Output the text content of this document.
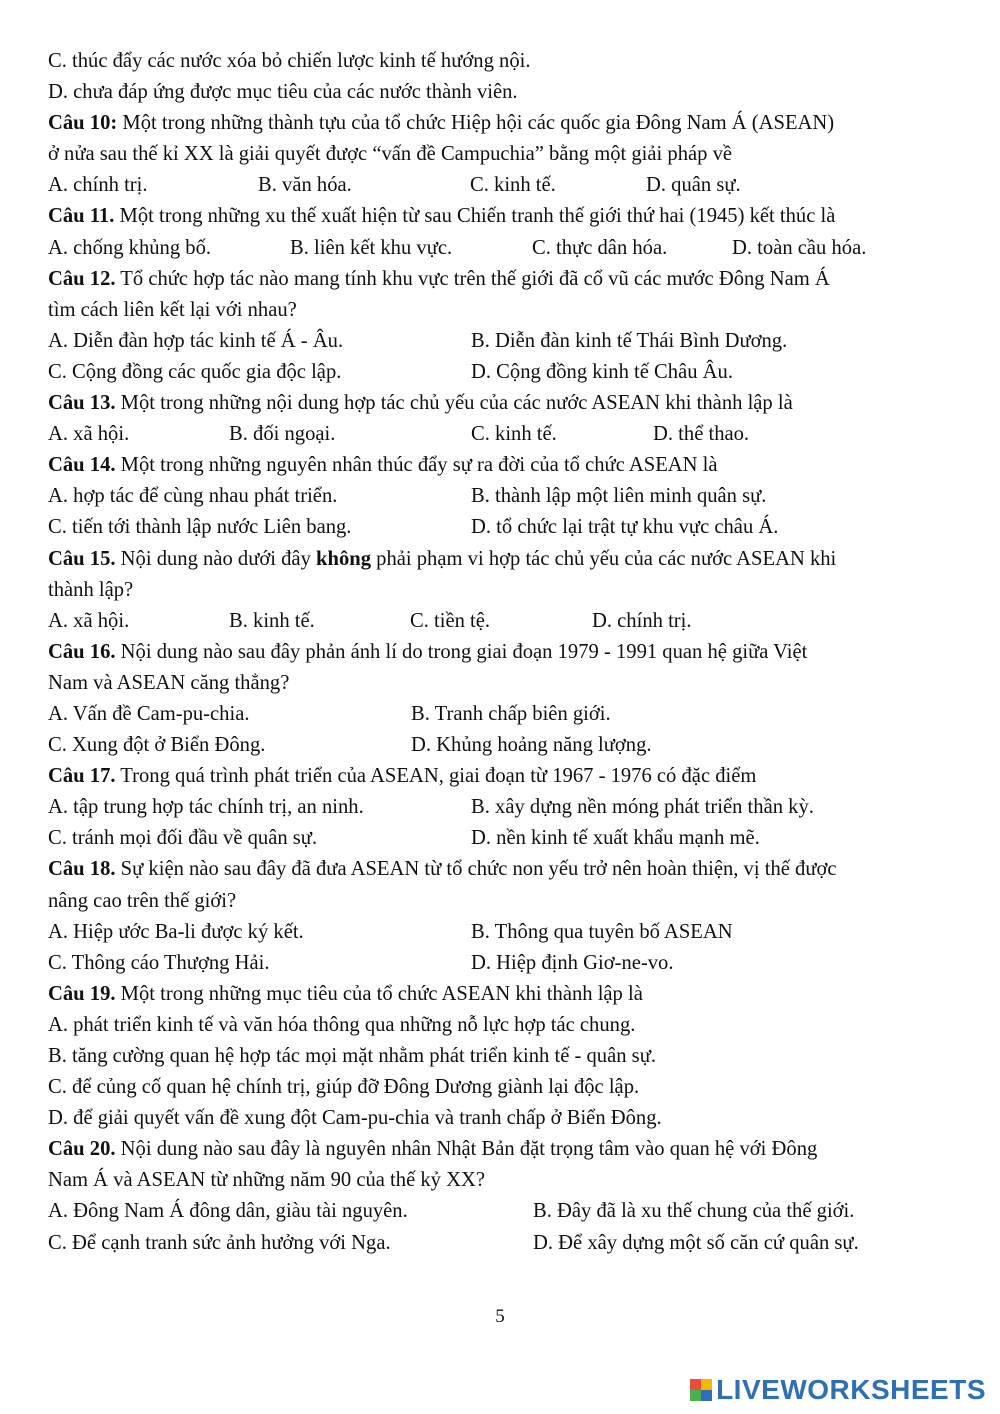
C. thúc đẩy các nước xóa bỏ chiến lược kinh tế hướng nội.
D. chưa đáp ứng được mục tiêu của các nước thành viên.
Câu 10: Một trong những thành tựu của tổ chức Hiệp hội các quốc gia Đông Nam Á (ASEAN)
ở nửa sau thế kỉ XX là giải quyết được “vấn đề Campuchia” bằng một giải pháp về
A. chính trị.	B. văn hóa.	C. kinh tế.	D. quân sự.
Câu 11. Một trong những xu thế xuất hiện từ sau Chiến tranh thế giới thứ hai (1945) kết thúc là
A. chống khủng bố.	B. liên kết khu vực.	C. thực dân hóa.	D. toàn cầu hóa.
Câu 12. Tổ chức hợp tác nào mang tính khu vực trên thế giới đã cổ vũ các mước Đông Nam Á
tìm cách liên kết lại với nhau?
A. Diễn đàn hợp tác kinh tế Á - Âu.	B. Diễn đàn kinh tế Thái Bình Dương.
C. Cộng đồng các quốc gia độc lập.	D. Cộng đồng kinh tế Châu Âu.
Câu 13. Một trong những nội dung hợp tác chủ yếu của các nước ASEAN khi thành lập là
A. xã hội.	B. đối ngoại.	C. kinh tế.	D. thể thao.
Câu 14. Một trong những nguyên nhân thúc đẩy sự ra đời của tổ chức ASEAN là
A. hợp tác để cùng nhau phát triển.	B. thành lập một liên minh quân sự.
C. tiến tới thành lập nước Liên bang.	D. tổ chức lại trật tự khu vực châu Á.
Câu 15. Nội dung nào dưới đây không phải phạm vi hợp tác chủ yếu của các nước ASEAN khi
thành lập?
A. xã hội.	B. kinh tế.	C. tiền tệ.	D. chính trị.
Câu 16. Nội dung nào sau đây phản ánh lí do trong giai đoạn 1979 - 1991 quan hệ giữa Việt
Nam và ASEAN căng thẳng?
A. Vấn đề Cam-pu-chia.	B. Tranh chấp biên giới.
C. Xung đột ở Biển Đông.	D. Khủng hoảng năng lượng.
Câu 17. Trong quá trình phát triển của ASEAN, giai đoạn từ 1967 - 1976 có đặc điểm
A. tập trung hợp tác chính trị, an ninh.	B. xây dựng nền móng phát triển thần kỳ.
C. tránh mọi đối đầu về quân sự.	D. nền kinh tế xuất khẩu mạnh mẽ.
Câu 18. Sự kiện nào sau đây đã đưa ASEAN từ tổ chức non yếu trở nên hoàn thiện, vị thế được
nâng cao trên thế giới?
A. Hiệp ước Ba-li được ký kết.	B. Thông qua tuyên bố ASEAN
C. Thông cáo Thượng Hải.	D. Hiệp định Giơ-ne-vo.
Câu 19. Một trong những mục tiêu của tổ chức ASEAN khi thành lập là
A. phát triển kinh tế và văn hóa thông qua những nỗ lực hợp tác chung.
B. tăng cường quan hệ hợp tác mọi mặt nhằm phát triển kinh tế - quân sự.
C. để củng cố quan hệ chính trị, giúp đỡ Đông Dương giành lại độc lập.
D. để giải quyết vấn đề xung đột Cam-pu-chia và tranh chấp ở Biển Đông.
Câu 20. Nội dung nào sau đây là nguyên nhân Nhật Bản đặt trọng tâm vào quan hệ với Đông
Nam Á và ASEAN từ những năm 90 của thế kỷ XX?
A. Đông Nam Á đông dân, giàu tài nguyên.	B. Đây đã là xu thế chung của thế giới.
C. Để cạnh tranh sức ảnh hưởng với Nga.	D. Để xây dựng một số căn cứ quân sự.
5
LIVEWORKSHEETS
